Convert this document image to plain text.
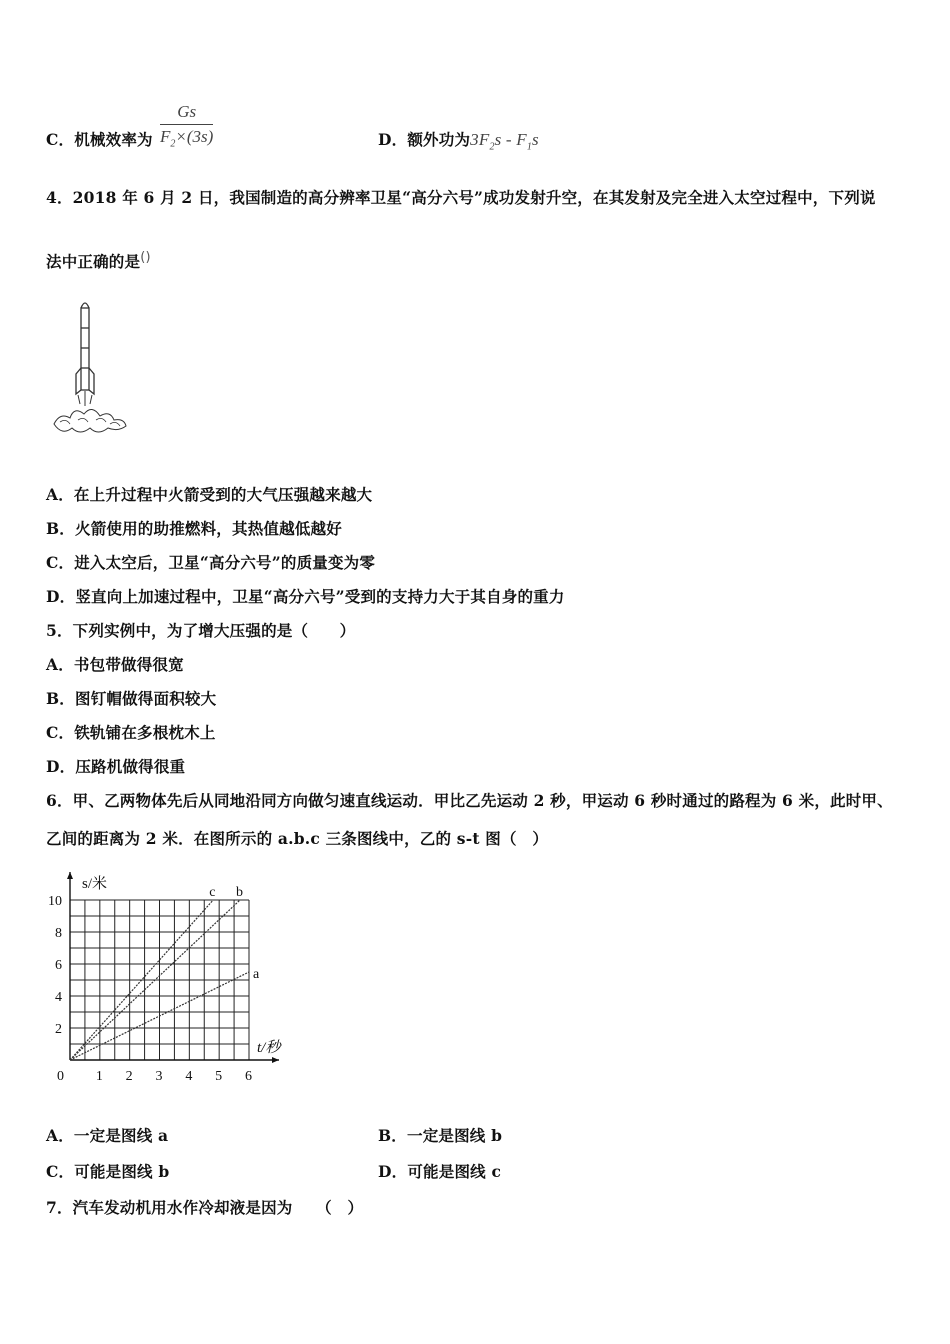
C．机械效率为
Gs
$F_2\times(3s)$	D．额外功为$3F_2s - F_1s$
4．2018 年 6 月 2 日，我国制造的高分辨率卫星“高分六号”成功发射升空，在其发射及完全进入太空过程中，下列说
法中正确的是()
A．在上升过程中火箭受到的大气压强越来越大
B．火箭使用的助推燃料，其热值越低越好
C．进入太空后，卫星“高分六号”的质量变为零
D．竖直向上加速过程中，卫星“高分六号”受到的支持力大于其自身的重力
5．下列实例中，为了增大压强的是（　　）
A．书包带做得很宽
B．图钉帽做得面积较大
C．铁轨铺在多根枕木上
D．压路机做得很重
6．甲、乙两物体先后从同地沿同方向做匀速直线运动．甲比乙先运动 2 秒，甲运动 6 秒时通过的路程为 6 米，此时甲、
乙间的距离为 2 米．在图所示的 a.b.c 三条图线中，乙的 s-t 图（　）
a
b
c
1 2 3 4 5 6
2
4
6
8
10
0
s/米
t/秒
A．一定是图线 a	B．一定是图线 b
C．可能是图线 b	D．可能是图线 c
7．汽车发动机用水作冷却液是因为　　（　）
